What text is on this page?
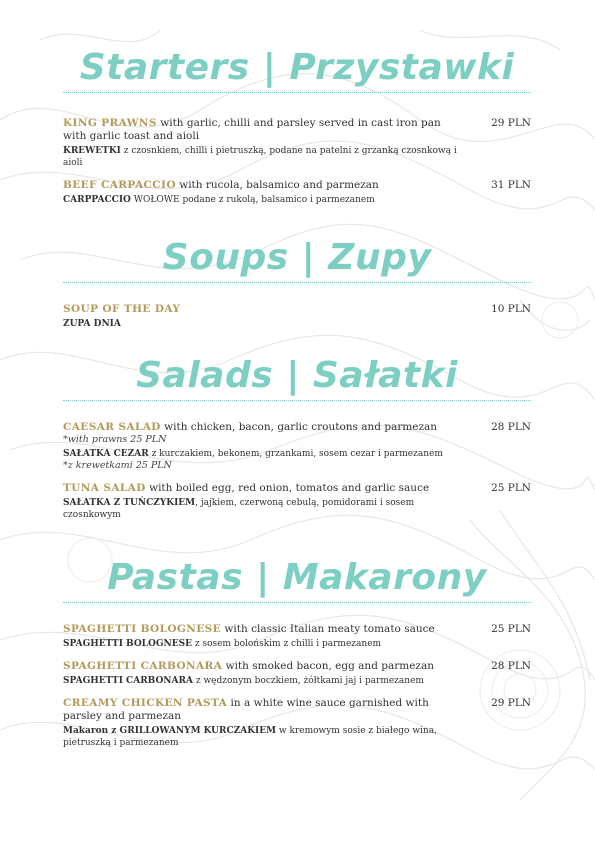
Starters | Przystawki
KING PRAWNS with garlic, chilli and parsley served in cast iron pan with garlic toast and aioli
KREWETKI z czosnkiem, chilli i pietruszką, podane na patelni z grzanką czosnkową i aioli
29 PLN
BEEF CARPACCIO with rucola, balsamico and parmezan
CARPPACCIO WOŁOWE podane z rukolą, balsamico i parmezanem
31 PLN
Soups | Zupy
SOUP OF THE DAY
ZUPA DNIA
10 PLN
Salads | Sałatki
CAESAR SALAD with chicken, bacon, garlic croutons and parmezan
*with prawns 25 PLN
SAŁATKA CEZAR z kurczakiem, bekonem, grzankami, sosem cezar i parmezanem
*z krewetkami 25 PLN
28 PLN
TUNA SALAD with boiled egg, red onion, tomatos and garlic sauce
SAŁATKA Z TUŃCZYKIEM, jajkiem, czerwoną cebulą, pomidorami i sosem czosnkowym
25 PLN
Pastas | Makarony
SPAGHETTI BOLOGNESE with classic Italian meaty tomato sauce
SPAGHETTI BOLOGNESE z sosem bolońskim z chilli i parmezanem
25 PLN
SPAGHETTI CARBONARA with smoked bacon, egg and parmezan
SPAGHETTI CARBONARA z wędzonym boczkiem, żółtkami jaj i parmezanem
28 PLN
CREAMY CHICKEN PASTA in a white wine sauce garnished with parsley and parmezan
Makaron z GRILLOWANYM KURCZAKIEM w kremowym sosie z białego wina, pietruszką i parmezanem
29 PLN
